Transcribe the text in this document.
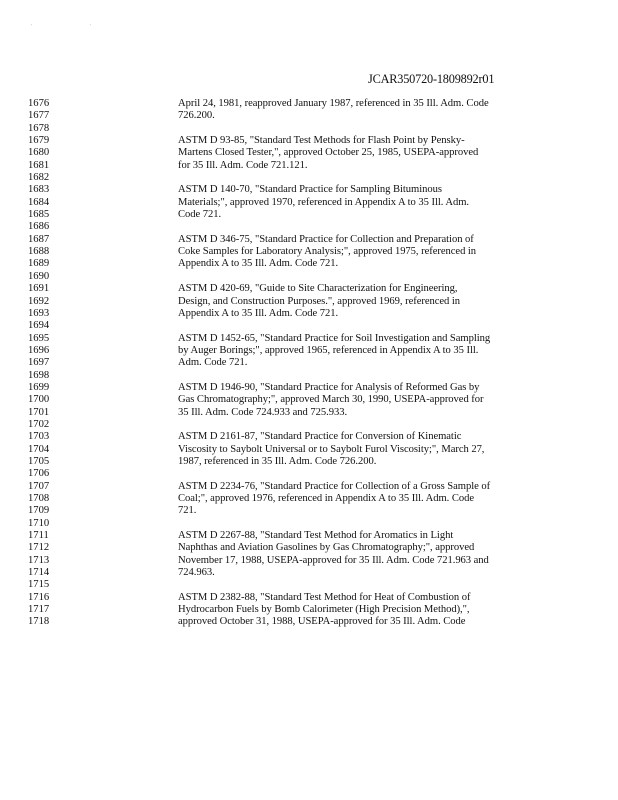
' '
JCAR350720-1809892r01
1676
1677
1678
1679
1680
1681
1682
1683
1684
1685
1686
1687
1688
1689
1690
1691
1692
1693
1694
1695
1696
1697
1698
1699
1700
1701
1702
1703
1704
1705
1706
1707
1708
1709
1710
1711
1712
1713
1714
1715
1716
1717
1718
April 24, 1981, reapproved January 1987, referenced in 35 Ill. Adm. Code
726.200.
ASTM D 93-85, "Standard Test Methods for Flash Point by Pensky-
Martens Closed Tester,", approved October 25, 1985, USEPA-approved
for 35 Ill. Adm. Code 721.121.
ASTM D 140-70, "Standard Practice for Sampling Bituminous
Materials;", approved 1970, referenced in Appendix A to 35 Ill. Adm.
Code 721.
ASTM D 346-75, "Standard Practice for Collection and Preparation of
Coke Samples for Laboratory Analysis;", approved 1975, referenced in
Appendix A to 35 Ill. Adm. Code 721.
ASTM D 420-69, "Guide to Site Characterization for Engineering,
Design, and Construction Purposes.", approved 1969, referenced in
Appendix A to 35 Ill. Adm. Code 721.
ASTM D 1452-65, "Standard Practice for Soil Investigation and Sampling
by Auger Borings;", approved 1965, referenced in Appendix A to 35 Ill.
Adm. Code 721.
ASTM D 1946-90, "Standard Practice for Analysis of Reformed Gas by
Gas Chromatography;", approved March 30, 1990, USEPA-approved for
35 Ill. Adm. Code 724.933 and 725.933.
ASTM D 2161-87, "Standard Practice for Conversion of Kinematic
Viscosity to Saybolt Universal or to Saybolt Furol Viscosity;", March 27,
1987, referenced in 35 Ill. Adm. Code 726.200.
ASTM D 2234-76, "Standard Practice for Collection of a Gross Sample of
Coal;", approved 1976, referenced in Appendix A to 35 Ill. Adm. Code
721.
ASTM D 2267-88, "Standard Test Method for Aromatics in Light
Naphthas and Aviation Gasolines by Gas Chromatography;", approved
November 17, 1988, USEPA-approved for 35 Ill. Adm. Code 721.963 and
724.963.
ASTM D 2382-88, "Standard Test Method for Heat of Combustion of
Hydrocarbon Fuels by Bomb Calorimeter (High Precision Method),",
approved October 31, 1988, USEPA-approved for 35 Ill. Adm. Code
